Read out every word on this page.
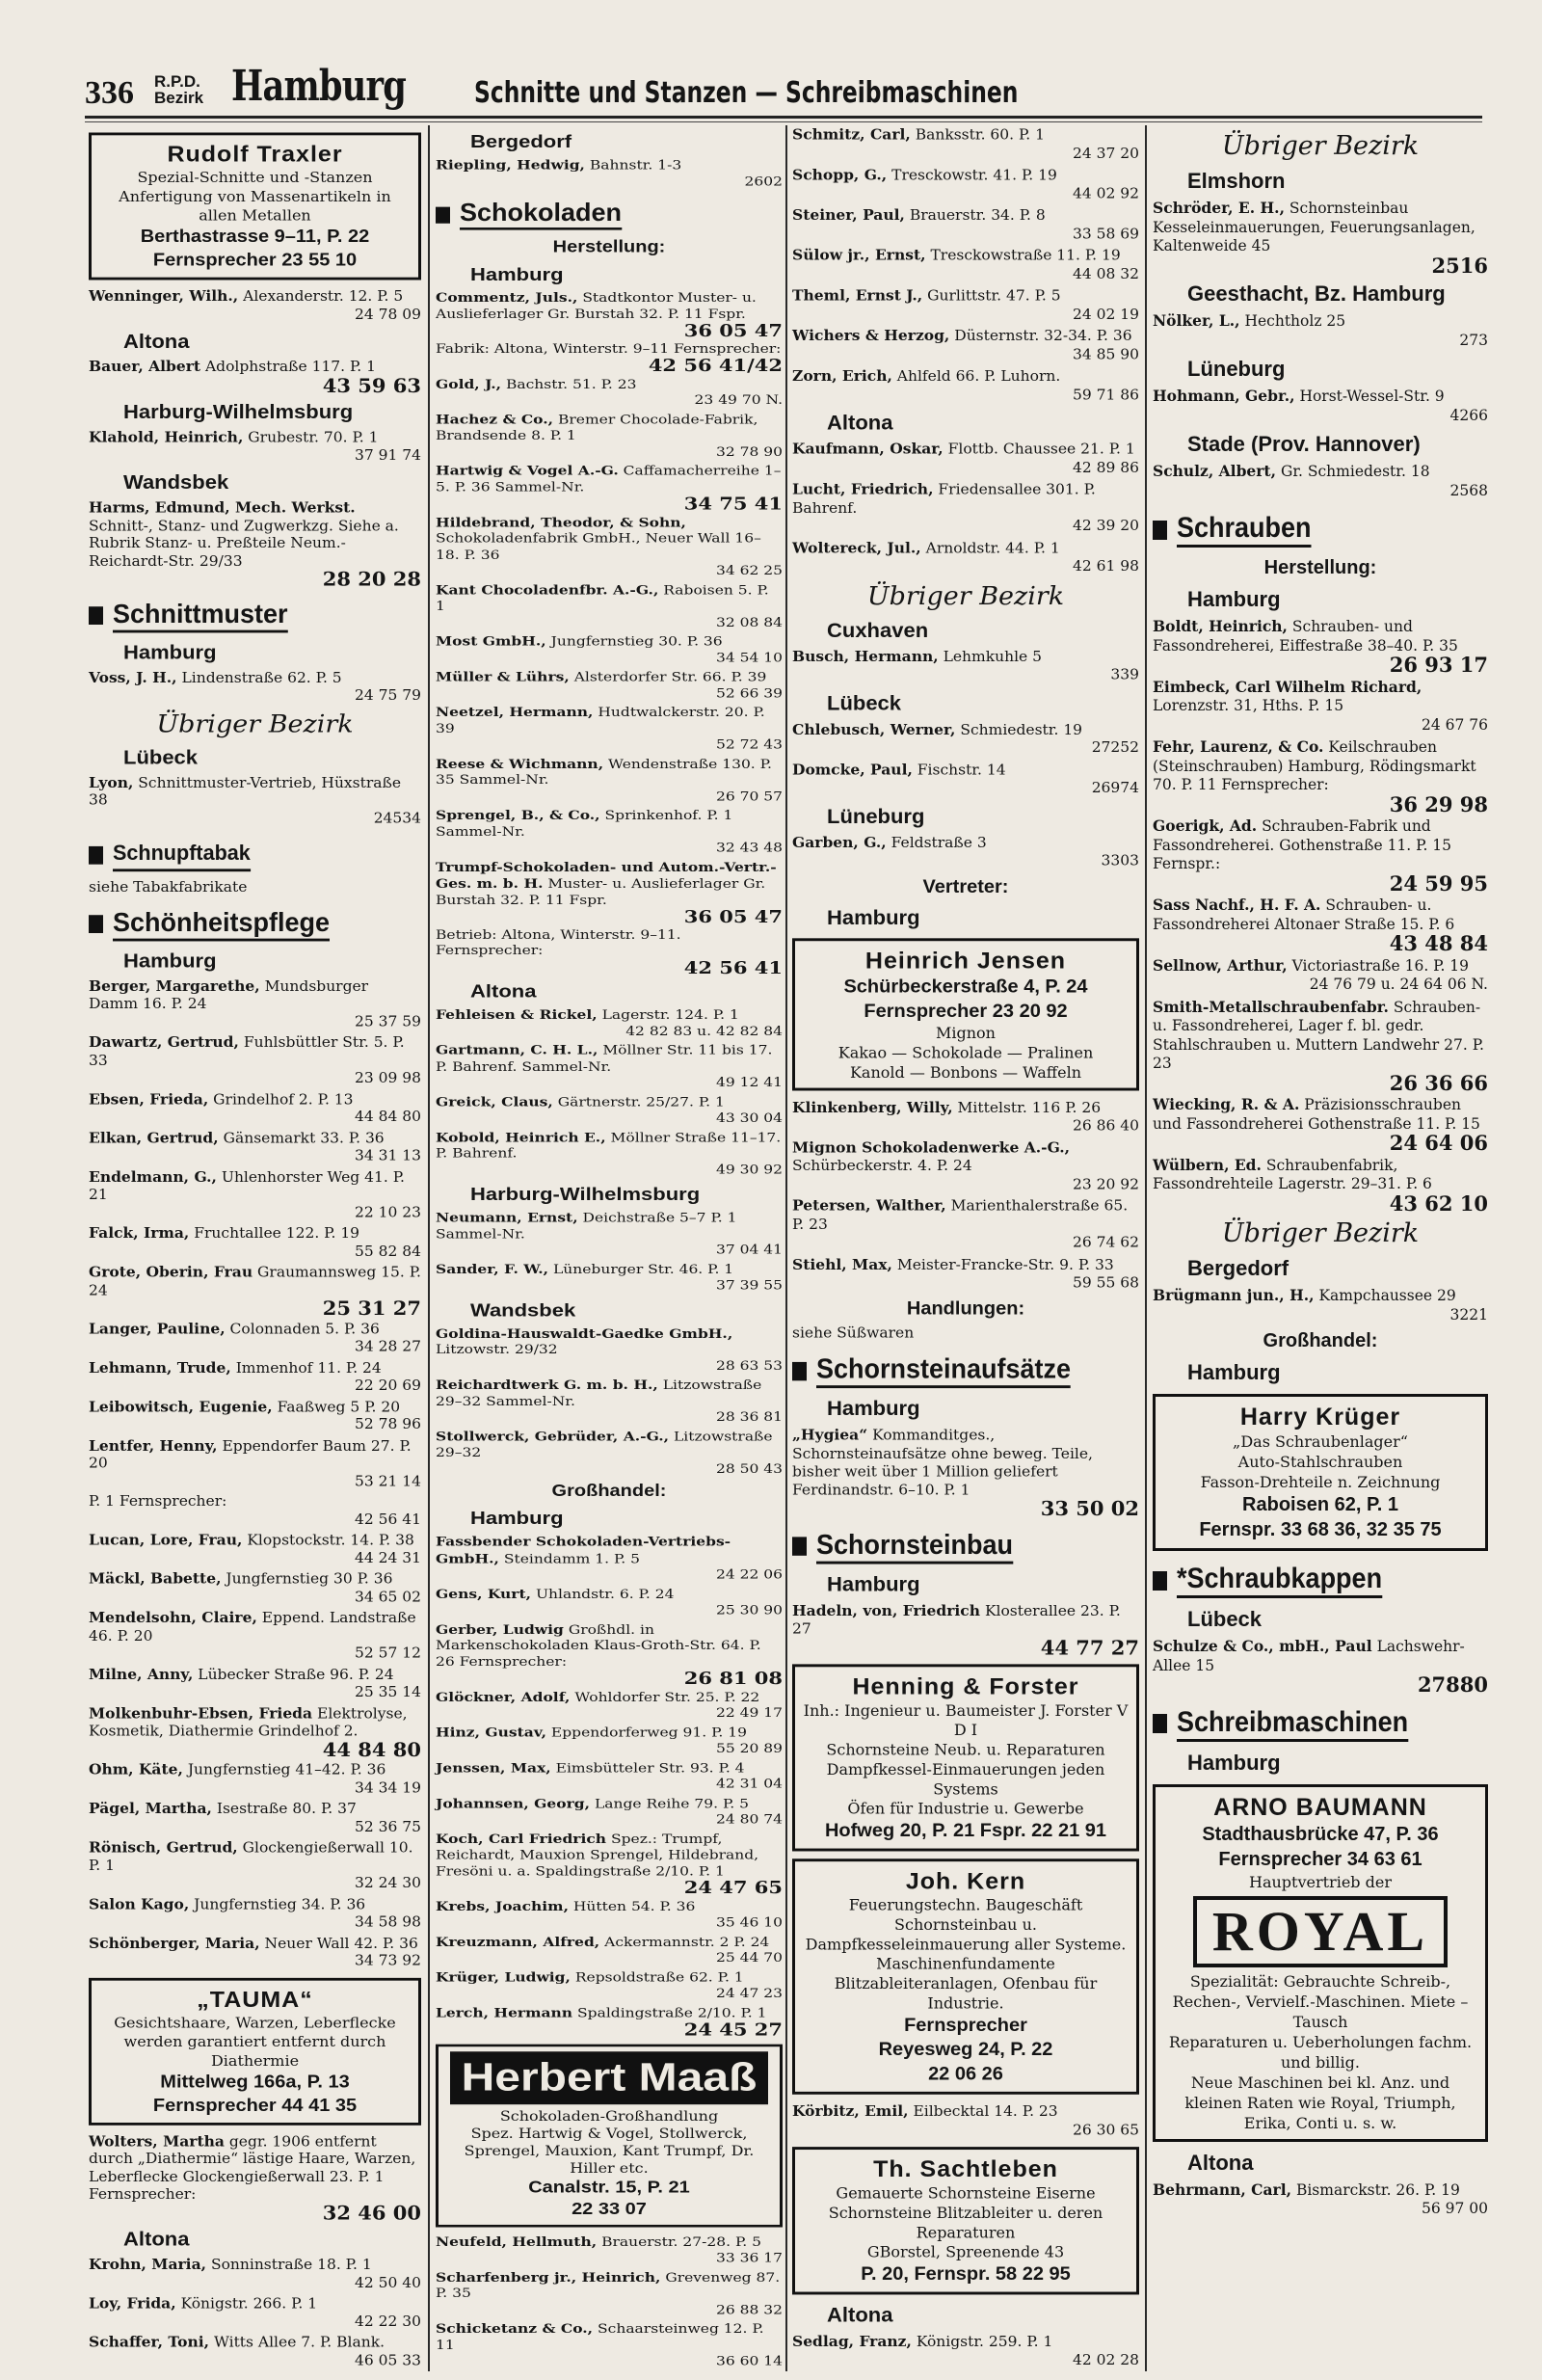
336 R.P.D.
Bezirk Hamburg Schnitte und Stanzen — Schreibmaschinen
Rudolf Traxler
Spezial-Schnitte und -Stanzen
Anfertigung von Massenartikeln in allen Metallen
Berthastrasse 9–11, P. 22
Fernsprecher 23 55 10
Wenninger, Wilh., Alexanderstr. 12. P. 5
24 78 09
Altona
Bauer, Albert Adolphstraße 117. P. 1
43 59 63
Harburg-Wilhelmsburg
Klahold, Heinrich, Grubestr. 70. P. 1
37 91 74
Wandsbek
Harms, Edmund, Mech. Werkst. Schnitt-, Stanz- und Zugwerkzg. Siehe a. Rubrik Stanz- u. Preßteile Neum.-Reichardt-Str. 29/33
28 20 28
Schnittmuster
Hamburg
Voss, J. H., Lindenstraße 62. P. 5
24 75 79
Übriger Bezirk
Lübeck
Lyon, Schnittmuster-Vertrieb, Hüxstraße 38
24534
Schnupftabak
siehe Tabakfabrikate
Schönheitspflege
Hamburg
Berger, Margarethe, Mundsburger Damm 16. P. 24
25 37 59
Dawartz, Gertrud, Fuhlsbüttler Str. 5. P. 33
23 09 98
Ebsen, Frieda, Grindelhof 2. P. 13
44 84 80
Elkan, Gertrud, Gänsemarkt 33. P. 36
34 31 13
Endelmann, G., Uhlenhorster Weg 41. P. 21
22 10 23
Falck, Irma, Fruchtallee 122. P. 19
55 82 84
Grote, Oberin, Frau Graumannsweg 15. P. 24
25 31 27
Langer, Pauline, Colonnaden 5. P. 36
34 28 27
Lehmann, Trude, Immenhof 11. P. 24
22 20 69
Leibowitsch, Eugenie, Faaßweg 5 P. 20
52 78 96
Lentfer, Henny, Eppendorfer Baum 27. P. 20
53 21 14
P. 1 Fernsprecher:
42 56 41
Lucan, Lore, Frau, Klopstockstr. 14. P. 38
44 24 31
Mäckl, Babette, Jungfernstieg 30 P. 36
34 65 02
Mendelsohn, Claire, Eppend. Landstraße 46. P. 20
52 57 12
Milne, Anny, Lübecker Straße 96. P. 24
25 35 14
Molkenbuhr-Ebsen, Frieda Elektrolyse, Kosmetik, Diathermie Grindelhof 2.
44 84 80
Ohm, Käte, Jungfernstieg 41–42. P. 36
34 34 19
Pägel, Martha, Isestraße 80. P. 37
52 36 75
Rönisch, Gertrud, Glockengießerwall 10. P. 1
32 24 30
Salon Kago, Jungfernstieg 34. P. 36
34 58 98
Schönberger, Maria, Neuer Wall 42. P. 36
34 73 92
„TAUMA“
Gesichtshaare, Warzen, Leberflecke werden garantiert entfernt durch Diathermie
Mittelweg 166a, P. 13
Fernsprecher 44 41 35
Wolters, Martha gegr. 1906 entfernt durch „Diathermie“ lästige Haare, Warzen, Leberflecke Glockengießerwall 23. P. 1 Fernsprecher:
32 46 00
Altona
Krohn, Maria, Sonninstraße 18. P. 1
42 50 40
Loy, Frida, Königstr. 266. P. 1
42 22 30
Schaffer, Toni, Witts Allee 7. P. Blank.
46 05 33
Bergedorf
Riepling, Hedwig, Bahnstr. 1-3
2602
Schokoladen
Herstellung:
Hamburg
Commentz, Juls., Stadtkontor Muster- u. Auslieferlager Gr. Burstah 32. P. 11 Fspr.
36 05 47
Fabrik: Altona, Winterstr. 9–11 Fernsprecher:
42 56 41/42
Gold, J., Bachstr. 51. P. 23
23 49 70 N.
Hachez & Co., Bremer Chocolade-Fabrik, Brandsende 8. P. 1
32 78 90
Hartwig & Vogel A.-G. Caffamacherreihe 1–5. P. 36 Sammel-Nr.
34 75 41
Hildebrand, Theodor, & Sohn, Schokoladenfabrik GmbH., Neuer Wall 16–18. P. 36
34 62 25
Kant Chocoladenfbr. A.-G., Raboisen 5. P. 1
32 08 84
Most GmbH., Jungfernstieg 30. P. 36
34 54 10
Müller & Lührs, Alsterdorfer Str. 66. P. 39
52 66 39
Neetzel, Hermann, Hudtwalckerstr. 20. P. 39
52 72 43
Reese & Wichmann, Wendenstraße 130. P. 35 Sammel-Nr.
26 70 57
Sprengel, B., & Co., Sprinkenhof. P. 1 Sammel-Nr.
32 43 48
Trumpf-Schokoladen- und Autom.-Vertr.-Ges. m. b. H. Muster- u. Auslieferlager Gr. Burstah 32. P. 11 Fspr.
36 05 47
Betrieb: Altona, Winterstr. 9–11. Fernsprecher:
42 56 41
Altona
Fehleisen & Rickel, Lagerstr. 124. P. 1
42 82 83 u. 42 82 84
Gartmann, C. H. L., Möllner Str. 11 bis 17. P. Bahrenf. Sammel-Nr.
49 12 41
Greick, Claus, Gärtnerstr. 25/27. P. 1
43 30 04
Kobold, Heinrich E., Möllner Straße 11–17. P. Bahrenf.
49 30 92
Harburg-Wilhelmsburg
Neumann, Ernst, Deichstraße 5–7 P. 1 Sammel-Nr.
37 04 41
Sander, F. W., Lüneburger Str. 46. P. 1
37 39 55
Wandsbek
Goldina-Hauswaldt-Gaedke GmbH., Litzowstr. 29/32
28 63 53
Reichardtwerk G. m. b. H., Litzowstraße 29–32 Sammel-Nr.
28 36 81
Stollwerck, Gebrüder, A.-G., Litzowstraße 29–32
28 50 43
Großhandel:
Hamburg
Fassbender Schokoladen-Vertriebs-GmbH., Steindamm 1. P. 5
24 22 06
Gens, Kurt, Uhlandstr. 6. P. 24
25 30 90
Gerber, Ludwig Großhdl. in Markenschokoladen Klaus-Groth-Str. 64. P. 26 Fernsprecher:
26 81 08
Glöckner, Adolf, Wohldorfer Str. 25. P. 22
22 49 17
Hinz, Gustav, Eppendorferweg 91. P. 19
55 20 89
Jenssen, Max, Eimsbütteler Str. 93. P. 4
42 31 04
Johannsen, Georg, Lange Reihe 79. P. 5
24 80 74
Koch, Carl Friedrich Spez.: Trumpf, Reichardt, Mauxion Sprengel, Hildebrand, Fresöni u. a. Spaldingstraße 2/10. P. 1
24 47 65
Krebs, Joachim, Hütten 54. P. 36
35 46 10
Kreuzmann, Alfred, Ackermannstr. 2 P. 24
25 44 70
Krüger, Ludwig, Repsoldstraße 62. P. 1
24 47 23
Lerch, Hermann Spaldingstraße 2/10. P. 1
24 45 27
Herbert Maaß
Schokoladen-Großhandlung
Spez. Hartwig & Vogel, Stollwerck, Sprengel, Mauxion, Kant Trumpf, Dr. Hiller etc.
Canalstr. 15, P. 21
22 33 07
Neufeld, Hellmuth, Brauerstr. 27-28. P. 5
33 36 17
Scharfenberg jr., Heinrich, Grevenweg 87. P. 35
26 88 32
Schicketanz & Co., Schaarsteinweg 12. P. 11
36 60 14
Schmitz, Carl, Banksstr. 60. P. 1
24 37 20
Schopp, G., Tresckowstr. 41. P. 19
44 02 92
Steiner, Paul, Brauerstr. 34. P. 8
33 58 69
Sülow jr., Ernst, Tresckowstraße 11. P. 19
44 08 32
Theml, Ernst J., Gurlittstr. 47. P. 5
24 02 19
Wichers & Herzog, Düsternstr. 32-34. P. 36
34 85 90
Zorn, Erich, Ahlfeld 66. P. Luhorn.
59 71 86
Altona
Kaufmann, Oskar, Flottb. Chaussee 21. P. 1
42 89 86
Lucht, Friedrich, Friedensallee 301. P. Bahrenf.
42 39 20
Woltereck, Jul., Arnoldstr. 44. P. 1
42 61 98
Übriger Bezirk
Cuxhaven
Busch, Hermann, Lehmkuhle 5
339
Lübeck
Chlebusch, Werner, Schmiedestr. 19
27252
Domcke, Paul, Fischstr. 14
26974
Lüneburg
Garben, G., Feldstraße 3
3303
Vertreter:
Hamburg
Heinrich Jensen
Schürbeckerstraße 4, P. 24
Fernsprecher 23 20 92
Mignon
Kakao — Schokolade — Pralinen
Kanold — Bonbons — Waffeln
Klinkenberg, Willy, Mittelstr. 116 P. 26
26 86 40
Mignon Schokoladenwerke A.-G., Schürbeckerstr. 4. P. 24
23 20 92
Petersen, Walther, Marienthalerstraße 65. P. 23
26 74 62
Stiehl, Max, Meister-Francke-Str. 9. P. 33
59 55 68
Handlungen:
siehe Süßwaren
Schornsteinaufsätze
Hamburg
„Hygiea“ Kommanditges., Schornsteinaufsätze ohne beweg. Teile, bisher weit über 1 Million geliefert Ferdinandstr. 6–10. P. 1
33 50 02
Schornsteinbau
Hamburg
Hadeln, von, Friedrich Klosterallee 23. P. 27
44 77 27
Henning & Forster
Inh.: Ingenieur u. Baumeister J. Forster V D I
Schornsteine Neub. u. Reparaturen
Dampfkessel-Einmauerungen jeden Systems
Öfen für Industrie u. Gewerbe
Hofweg 20, P. 21 Fspr. 22 21 91
Joh. Kern
Feuerungstechn. Baugeschäft Schornsteinbau u. Dampfkesseleinmauerung aller Systeme. Maschinenfundamente Blitzableiteranlagen, Ofenbau für Industrie.
Fernsprecher
Reyesweg 24, P. 22
22 06 26
Körbitz, Emil, Eilbecktal 14. P. 23
26 30 65
Th. Sachtleben
Gemauerte Schornsteine Eiserne Schornsteine Blitzableiter u. deren Reparaturen
GBorstel, Spreenende 43
P. 20, Fernspr. 58 22 95
Altona
Sedlag, Franz, Königstr. 259. P. 1
42 02 28
Übriger Bezirk
Elmshorn
Schröder, E. H., Schornsteinbau Kesseleinmauerungen, Feuerungsanlagen, Kaltenweide 45
2516
Geesthacht, Bz. Hamburg
Nölker, L., Hechtholz 25
273
Lüneburg
Hohmann, Gebr., Horst-Wessel-Str. 9
4266
Stade (Prov. Hannover)
Schulz, Albert, Gr. Schmiedestr. 18
2568
Schrauben
Herstellung:
Hamburg
Boldt, Heinrich, Schrauben- und Fassondreherei, Eiffestraße 38–40. P. 35
26 93 17
Eimbeck, Carl Wilhelm Richard, Lorenzstr. 31, Hths. P. 15
24 67 76
Fehr, Laurenz, & Co. Keilschrauben (Steinschrauben) Hamburg, Rödingsmarkt 70. P. 11 Fernsprecher:
36 29 98
Goerigk, Ad. Schrauben-Fabrik und Fassondreherei. Gothenstraße 11. P. 15 Fernspr.:
24 59 95
Sass Nachf., H. F. A. Schrauben- u. Fassondreherei Altonaer Straße 15. P. 6
43 48 84
Sellnow, Arthur, Victoriastraße 16. P. 19
24 76 79 u. 24 64 06 N.
Smith-Metallschraubenfabr. Schrauben- u. Fassondreherei, Lager f. bl. gedr. Stahlschrauben u. Muttern Landwehr 27. P. 23
26 36 66
Wiecking, R. & A. Präzisionsschrauben und Fassondreherei Gothenstraße 11. P. 15
24 64 06
Wülbern, Ed. Schraubenfabrik, Fassondrehteile Lagerstr. 29–31. P. 6
43 62 10
Übriger Bezirk
Bergedorf
Brügmann jun., H., Kampchaussee 29
3221
Großhandel:
Hamburg
Harry Krüger
„Das Schraubenlager“
Auto-Stahlschrauben
Fasson-Drehteile n. Zeichnung
Raboisen 62, P. 1
Fernspr. 33 68 36, 32 35 75
*Schraubkappen
Lübeck
Schulze & Co., mbH., Paul Lachswehr-Allee 15
27880
Schreibmaschinen
Hamburg
ARNO BAUMANN
Stadthausbrücke 47, P. 36
Fernsprecher 34 63 61
Hauptvertrieb der
ROYAL
Spezialität: Gebrauchte Schreib-, Rechen-, Vervielf.-Maschinen. Miete – Tausch
Reparaturen u. Ueberholungen fachm. und billig.
Neue Maschinen bei kl. Anz. und kleinen Raten wie Royal, Triumph, Erika, Conti u. s. w.
Altona
Behrmann, Carl, Bismarckstr. 26. P. 19
56 97 00
